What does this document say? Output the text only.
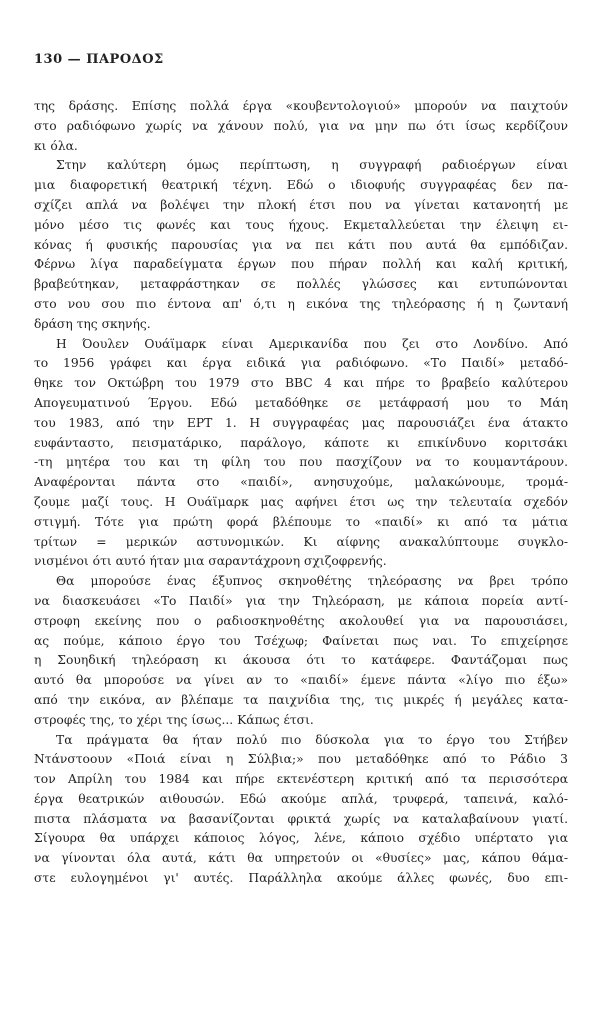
130 — ΠΑΡΟΔΟΣ
της δράσης. Επίσης πολλά έργα «κουβεντολογιού» μπορούν να παιχτούν
στο ραδιόφωνο χωρίς να χάνουν πολύ, για να μην πω ότι ίσως κερδίζουν
κι όλα.
Στην καλύτερη όμως περίπτωση, η συγγραφή ραδιοέργων είναι
μια διαφορετική θεατρική τέχνη. Εδώ ο ιδιοφυής συγγραφέας δεν πα-
σχίζει απλά να βολέψει την πλοκή έτσι που να γίνεται κατανοητή με
μόνο μέσο τις φωνές και τους ήχους. Εκμεταλλεύεται την έλειψη ει-
κόνας ή φυσικής παρουσίας για να πει κάτι που αυτά θα εμπόδιζαν.
Φέρνω λίγα παραδείγματα έργων που πήραν πολλή και καλή κριτική,
βραβεύτηκαν, μεταφράστηκαν σε πολλές γλώσσες και εντυπώνονται
στο νου σου πιο έντονα απ' ό,τι η εικόνα της τηλεόρασης ή η ζωντανή
δράση της σκηνής.
Η Όουλεν Ουάϊμαρκ είναι Αμερικανίδα που ζει στο Λονδίνο. Από
το 1956 γράφει και έργα ειδικά για ραδιόφωνο. «Το Παιδί» μεταδό-
θηκε τον Οκτώβρη του 1979 στο BBC 4 και πήρε το βραβείο καλύτερου
Απογευματινού Έργου. Εδώ μεταδόθηκε σε μετάφρασή μου το Μάη
του 1983, από την ΕΡΤ 1. Η συγγραφέας μας παρουσιάζει ένα άτακτο
ευφάνταστο, πεισματάρικο, παράλογο, κάποτε κι επικίνδυνο κοριτσάκι
-τη μητέρα του και τη φίλη του που πασχίζουν να το κουμαντάρουν.
Αναφέρονται πάντα στο «παιδί», ανησυχούμε, μαλακώνουμε, τρομά-
ζουμε μαζί τους. Η Ουάϊμαρκ μας αφήνει έτσι ως την τελευταία σχεδόν
στιγμή. Τότε για πρώτη φορά βλέπουμε το «παιδί» κι από τα μάτια
τρίτων = μερικών αστυνομικών. Κι αίφνης ανακαλύπτουμε συγκλο-
νισμένοι ότι αυτό ήταν μια σαραντάχρονη σχιζοφρενής.
Θα μπορούσε ένας έξυπνος σκηνοθέτης τηλεόρασης να βρει τρόπο
να διασκευάσει «Το Παιδί» για την Τηλεόραση, με κάποια πορεία αντί-
στροφη εκείνης που ο ραδιοσκηνοθέτης ακολουθεί για να παρουσιάσει,
ας πούμε, κάποιο έργο του Τσέχωφ; Φαίνεται πως ναι. Το επιχείρησε
η Σουηδική τηλεόραση κι άκουσα ότι το κατάφερε. Φαντάζομαι πως
αυτό θα μπορούσε να γίνει αν το «παιδί» έμενε πάντα «λίγο πιο έξω»
από την εικόνα, αν βλέπαμε τα παιχνίδια της, τις μικρές ή μεγάλες κατα-
στροφές της, το χέρι της ίσως... Κάπως έτσι.
Τα πράγματα θα ήταν πολύ πιο δύσκολα για το έργο του Στήβεν
Ντάνστοουν «Ποιά είναι η Σύλβια;» που μεταδόθηκε από το Ράδιο 3
τον Απρίλη του 1984 και πήρε εκτενέστερη κριτική από τα περισσότερα
έργα θεατρικών αιθουσών. Εδώ ακούμε απλά, τρυφερά, ταπεινά, καλό-
πιστα πλάσματα να βασανίζονται φρικτά χωρίς να καταλαβαίνουν γιατί.
Σίγουρα θα υπάρχει κάποιος λόγος, λένε, κάποιο σχέδιο υπέρτατο για
να γίνονται όλα αυτά, κάτι θα υπηρετούν οι «θυσίες» μας, κάπου θάμα-
στε ευλογημένοι γι' αυτές. Παράλληλα ακούμε άλλες φωνές, δυο επι-
